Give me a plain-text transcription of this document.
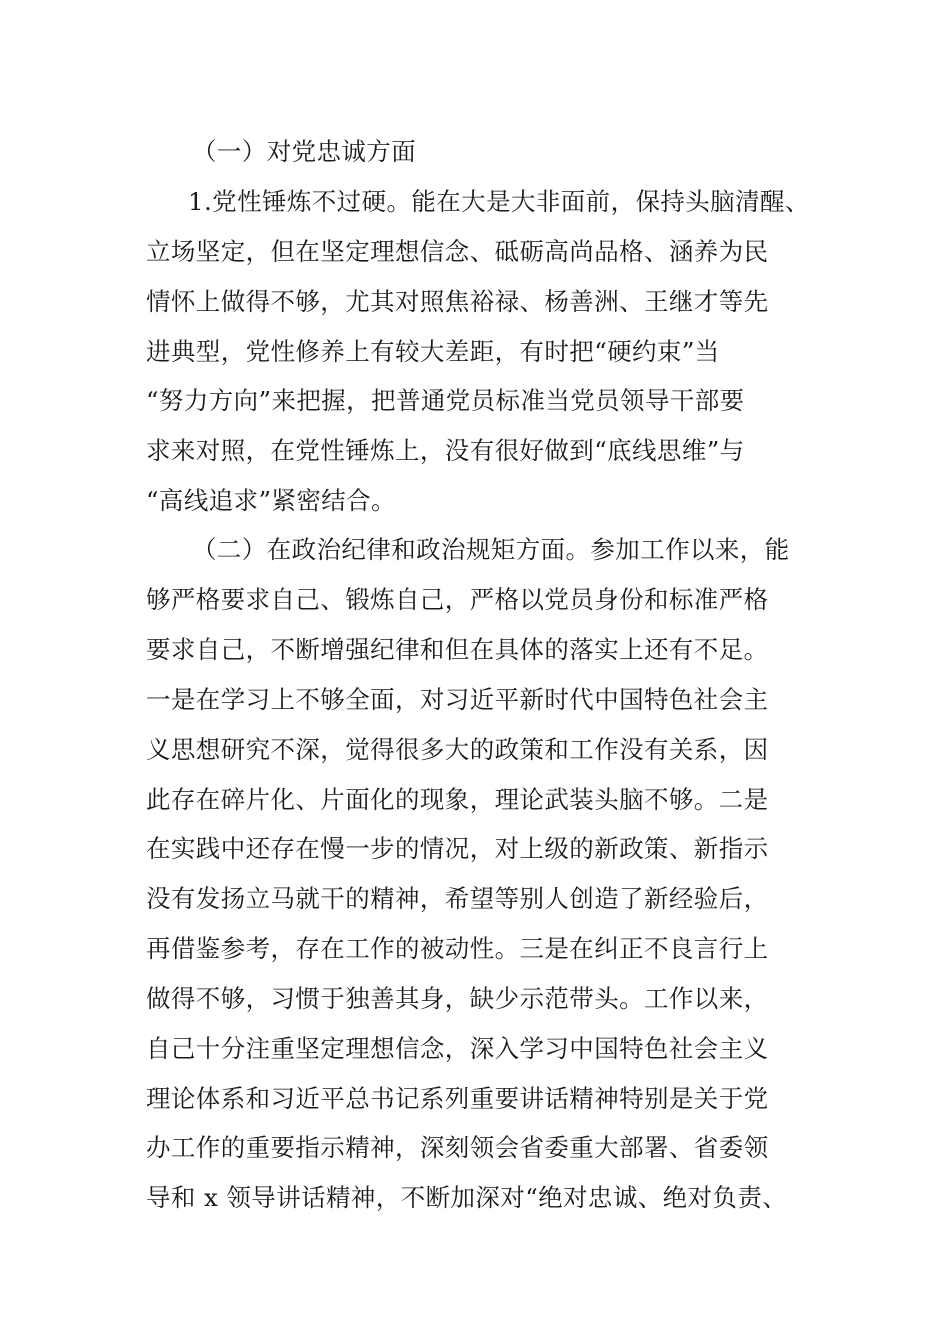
（一）对党忠诚方面

1.党性锤炼不过硬。能在大是大非面前，保持头脑清醒、

立场坚定，但在坚定理想信念、砥砺高尚品格、涵养为民

情怀上做得不够，尤其对照焦裕禄、杨善洲、王继才等先

进典型，党性修养上有较大差距，有时把“硬约束”当

“努力方向”来把握，把普通党员标准当党员领导干部要

求来对照，在党性锤炼上，没有很好做到“底线思维”与

“高线追求”紧密结合。

（二）在政治纪律和政治规矩方面。参加工作以来，能

够严格要求自己、锻炼自己，严格以党员身份和标准严格

要求自己，不断增强纪律和但在具体的落实上还有不足。

一是在学习上不够全面，对习近平新时代中国特色社会主

义思想研究不深，觉得很多大的政策和工作没有关系，因

此存在碎片化、片面化的现象，理论武装头脑不够。二是

在实践中还存在慢一步的情况，对上级的新政策、新指示

没有发扬立马就干的精神，希望等别人创造了新经验后，

再借鉴参考，存在工作的被动性。三是在纠正不良言行上

做得不够，习惯于独善其身，缺少示范带头。工作以来，

自己十分注重坚定理想信念，深入学习中国特色社会主义

理论体系和习近平总书记系列重要讲话精神特别是关于党

办工作的重要指示精神，深刻领会省委重大部署、省委领

导和 x 领导讲话精神，不断加深对“绝对忠诚、绝对负责、
